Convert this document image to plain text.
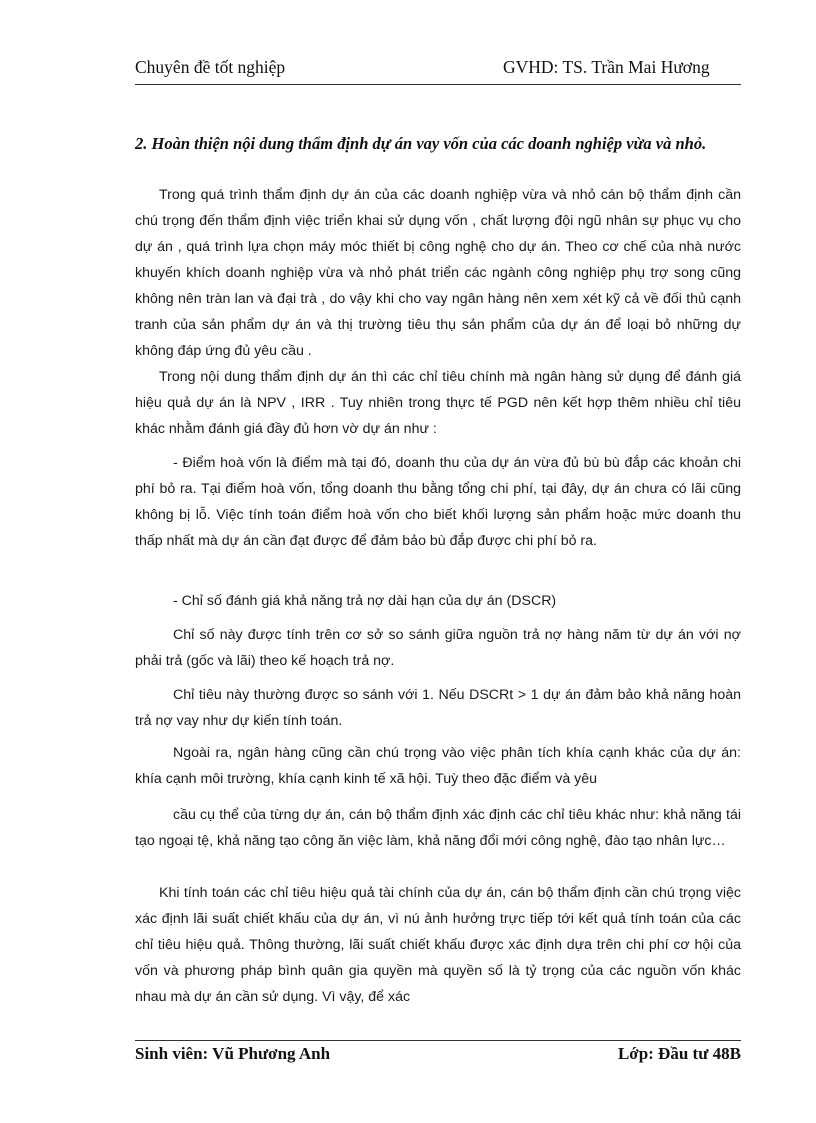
Chuyên đề tốt nghiệp	GVHD: TS. Trần Mai Hương
2. Hoàn thiện nội dung thẩm định dự án vay vốn của các doanh nghiệp vừa và nhỏ.

Trong quá trình thẩm định dự án của các doanh nghiệp vừa và nhỏ cán bộ thẩm định cần chú trọng đến thẩm định việc triển khai sử dụng vốn , chất lượng đội ngũ nhân sự phục vụ cho dự án , quá trình lựa chọn máy móc thiết bị công nghệ cho dự án. Theo cơ chế của nhà nước khuyến khích doanh nghiệp vừa và nhỏ phát triển các ngành công nghiệp phụ trợ song cũng không nên tràn lan và đại trà , do vậy khi cho vay ngân hàng nên xem xét kỹ cả về đối thủ cạnh tranh của sản phẩm dự án và thị trường tiêu thụ sản phẩm của dự án để loại bỏ những dự không đáp ứng đủ yêu cầu .

Trong nội dung thẩm định dự án thì các chỉ tiêu chính mà ngân hàng sử dụng để đánh giá hiệu quả dự án là NPV , IRR . Tuy nhiên trong thực tế PGD nên kết hợp thêm nhiều chỉ tiêu khác nhằm đánh giá đầy đủ hơn vờ dự án như :

- Điểm hoà vốn là điểm mà tại đó, doanh thu của dự án vừa đủ bù bù đắp các khoản chi phí bỏ ra. Tại điểm hoà vốn, tổng doanh thu bằng tổng chi phí, tại đây, dự án chưa có lãi cũng không bị lỗ. Việc tính toán điểm hoà vốn cho biết khối lượng sản phẩm hoặc mức doanh thu thấp nhất mà dự án cần đạt được để đảm bảo bù đắp được chi phí bỏ ra.

- Chỉ số đánh giá khả năng trả nợ dài hạn của dự án (DSCR)

Chỉ số này được tính trên cơ sở so sánh giữa nguồn trả nợ hàng năm từ dự án với nợ phải trả (gốc và lãi) theo kế hoạch trả nợ.

Chỉ tiêu này thường được so sánh với 1. Nếu DSCRt > 1 dự án đảm bảo khả năng hoàn trả nợ vay như dự kiến tính toán.

Ngoài ra, ngân hàng cũng cần chú trọng vào việc phân tích khía cạnh khác của dự án: khía cạnh môi trường, khía cạnh kinh tế xã hội. Tuỳ theo đặc điểm và yêu

cầu cụ thể của từng dự án, cán bộ thẩm định xác định các chỉ tiêu khác như: khả năng tái tạo ngoại tệ, khả năng tạo công ăn việc làm, khả năng đổi mới công nghệ, đào tạo nhân lực…

Khi tính toán các chỉ tiêu hiệu quả tài chính của dự án, cán bộ thẩm định cần chú trọng việc xác định lãi suất chiết khấu của dự án, vì nú ảnh hưởng trực tiếp tới kết quả tính toán của các chỉ tiêu hiệu quả. Thông thường, lãi suất chiết khấu được xác định dựa trên chi phí cơ hội của vốn và phương pháp bình quân gia quyền mà quyền số là tỷ trọng của các nguồn vốn khác nhau mà dự án cần sử dụng. Vì vậy, để xác

Sinh viên: Vũ Phương Anh	Lớp: Đầu tư 48B
